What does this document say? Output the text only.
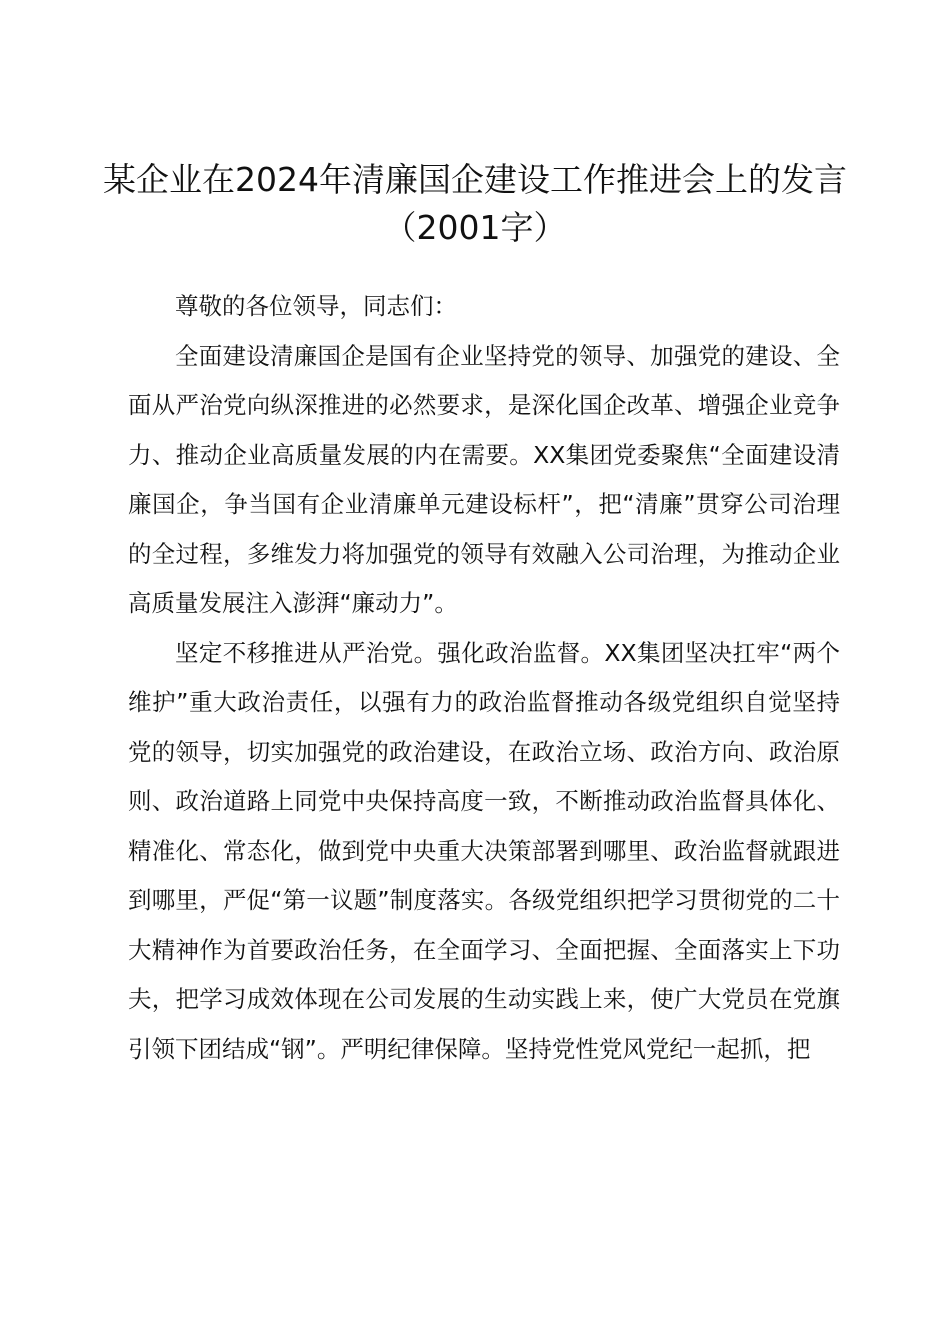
某企业在2024年清廉国企建设工作推进会上的发言（2001字）

尊敬的各位领导，同志们：

全面建设清廉国企是国有企业坚持党的领导、加强党的建设、全面从严治党向纵深推进的必然要求，是深化国企改革、增强企业竞争力、推动企业高质量发展的内在需要。XX集团党委聚焦“全面建设清廉国企，争当国有企业清廉单元建设标杆”，把“清廉”贯穿公司治理的全过程，多维发力将加强党的领导有效融入公司治理，为推动企业高质量发展注入澎湃“廉动力”。

坚定不移推进从严治党。强化政治监督。XX集团坚决扛牢“两个维护”重大政治责任，以强有力的政治监督推动各级党组织自觉坚持党的领导，切实加强党的政治建设，在政治立场、政治方向、政治原则、政治道路上同党中央保持高度一致，不断推动政治监督具体化、精准化、常态化，做到党中央重大决策部署到哪里、政治监督就跟进到哪里，严促“第一议题”制度落实。各级党组织把学习贯彻党的二十大精神作为首要政治任务，在全面学习、全面把握、全面落实上下功夫，把学习成效体现在公司发展的生动实践上来，使广大党员在党旗引领下团结成“钢”。严明纪律保障。坚持党性党风党纪一起抓，把
